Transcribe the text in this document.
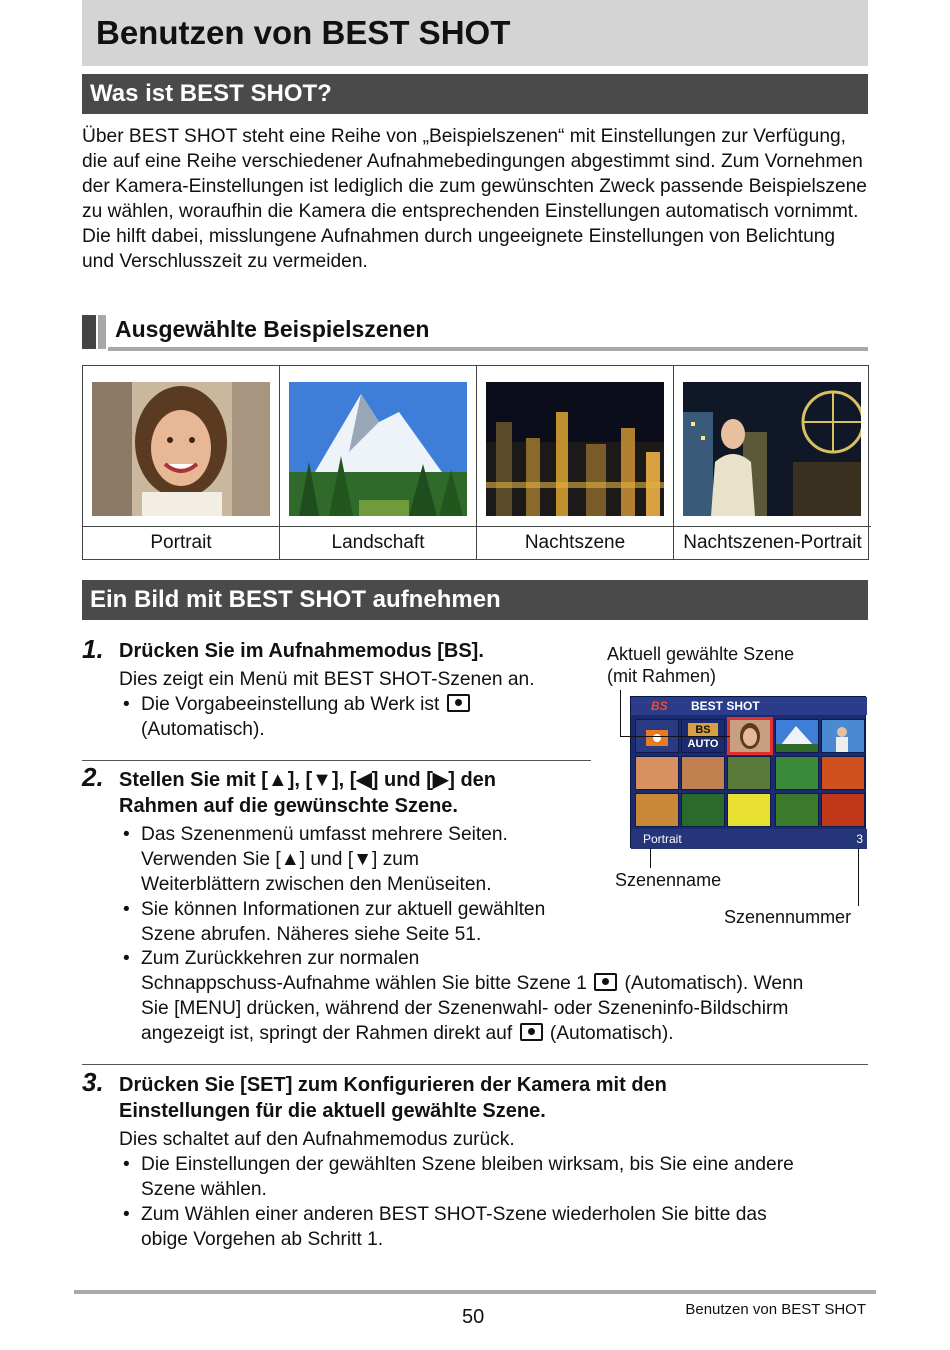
Benutzen von BEST SHOT
Was ist BEST SHOT?

Über BEST SHOT steht eine Reihe von „Beispielszenen“ mit Einstellungen zur Verfügung, die auf eine Reihe verschiedener Aufnahmebedingungen abgestimmt sind. Zum Vornehmen der Kamera-Einstellungen ist lediglich die zum gewünschten Zweck passende Beispielszene zu wählen, woraufhin die Kamera die entsprechenden Einstellungen automatisch vornimmt. Die hilft dabei, misslungene Aufnahmen durch ungeeignete Einstellungen von Belichtung und Verschlusszeit zu vermeiden.

Ausgewählte Beispielszenen
Portrait	Landschaft	Nachtszene	Nachtszenen-Portrait
Ein Bild mit BEST SHOT aufnehmen
1. Drücken Sie im Aufnahmemodus [BS].
Dies zeigt ein Menü mit BEST SHOT-Szenen an.
• Die Vorgabeeinstellung ab Werk ist
(Automatisch).
2. Stellen Sie mit [▲], [▼], [◀] und [▶] den
Rahmen auf die gewünschte Szene.
• Das Szenenmenü umfasst mehrere Seiten.
Verwenden Sie [▲] und [▼] zum
Weiterblättern zwischen den Menüseiten.
• Sie können Informationen zur aktuell gewählten
Szene abrufen. Näheres siehe Seite 51.
• Zum Zurückkehren zur normalen
Schnappschuss-Aufnahme wählen Sie bitte Szene 1 (Automatisch). Wenn
Sie [MENU] drücken, während der Szenenwahl- oder Szeneninfo-Bildschirm
angezeigt ist, springt der Rahmen direkt auf (Automatisch).
Aktuell gewählte Szene
(mit Rahmen)
BS BEST SHOT
BS
AUTO
Portrait	3
Szenenname
Szenennummer
3. Drücken Sie [SET] zum Konfigurieren der Kamera mit den
Einstellungen für die aktuell gewählte Szene.
Dies schaltet auf den Aufnahmemodus zurück.
• Die Einstellungen der gewählten Szene bleiben wirksam, bis Sie eine andere
Szene wählen.
• Zum Wählen einer anderen BEST SHOT-Szene wiederholen Sie bitte das
obige Vorgehen ab Schritt 1.
50	Benutzen von BEST SHOT
